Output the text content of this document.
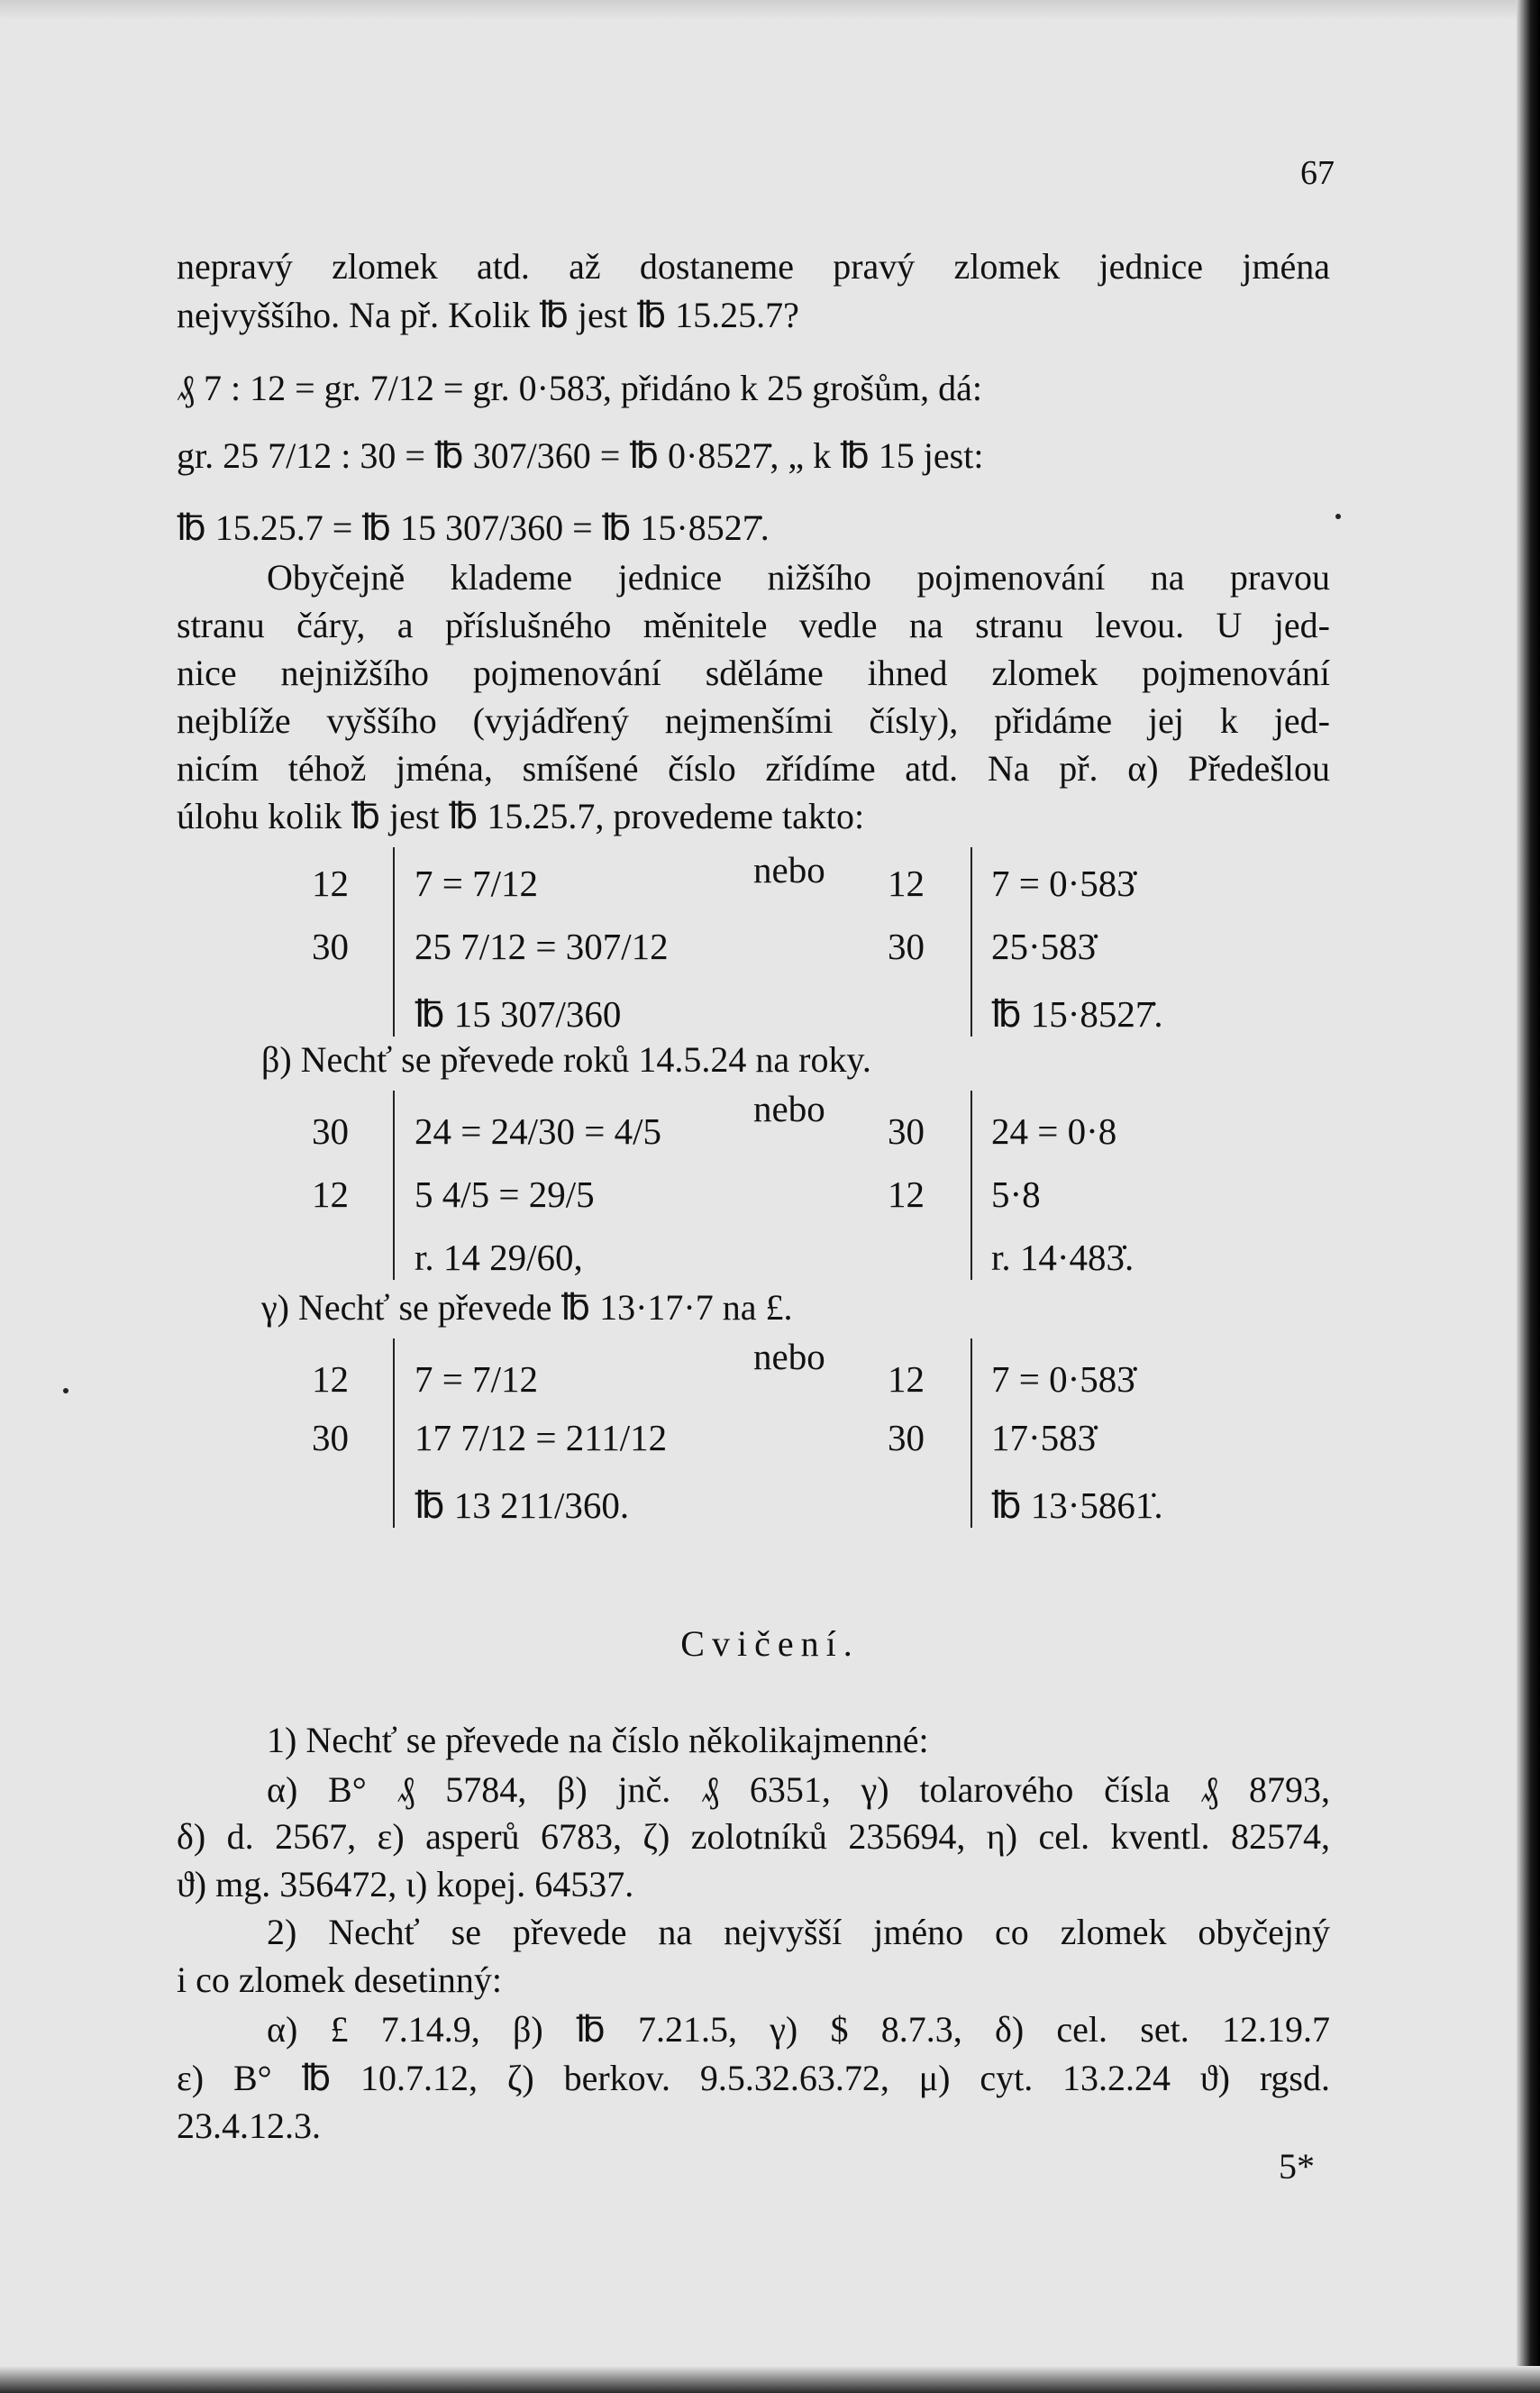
67
nepravý zlomek atd. až dostaneme pravý zlomek jednice jména
nejvyššího. Na př. Kolik ℔ jest ℔ 15.25.7?
₰ 7 : 12 = gr. 7/12 = gr. 0·583̇, přidáno k 25 grošům, dá:
gr. 25 7/12 : 30 = ℔ 307/360 = ℔ 0·8527̇, „ k ℔ 15 jest:
℔ 15.25.7 = ℔ 15 307/360 = ℔ 15·8527̇.
Obyčejně klademe jednice nižšího pojmenování na pravou
stranu čáry, a příslušného měnitele vedle na stranu levou. U jed-
nice nejnižšího pojmenování sděláme ihned zlomek pojmenování
nejblíže vyššího (vyjádřený nejmenšími čísly), přidáme jej k jed-
nicím téhož jména, smíšené číslo zřídíme atd. Na př. α) Předešlou
úlohu kolik ℔ jest ℔ 15.25.7, provedeme takto:
12 7 = 7/12
30 25 7/12 = 307/12
℔ 15 307/360
nebo 12 7 = 0·583̇
30 25·583̇
℔ 15·8527̇.
β) Nechť se převede roků 14.5.24 na roky.
30 24 = 24/30 = 4/5
12 5 4/5 = 29/5
r. 14 29/60,
nebo
30 24 = 0·8
12 5·8
r. 14·483̇.
γ) Nechť se převede ℔ 13·17·7 na £.
12 7 = 7/12
30 17 7/12 = 211/12
℔ 13 211/360.
nebo
12 7 = 0·583̇
30 17·583̇
℔ 13·5861̇.
Cvičení.
1) Nechť se převede na číslo několikajmenné:
α) B° ₰ 5784, β) jnč. ₰ 6351, γ) tolarového čísla ₰ 8793,
δ) d. 2567, ε) asperů 6783, ζ) zolotníků 235694, η) cel. kventl. 82574,
ϑ) mg. 356472, ι) kopej. 64537.
2) Nechť se převede na nejvyšší jméno co zlomek obyčejný
i co zlomek desetinný:
α) £ 7.14.9, β) ℔ 7.21.5, γ) $ 8.7.3, δ) cel. set. 12.19.7
ε) B° ℔ 10.7.12, ζ) berkov. 9.5.32.63.72, μ) cyt. 13.2.24 ϑ) rgsd.
23.4.12.3.
5*
